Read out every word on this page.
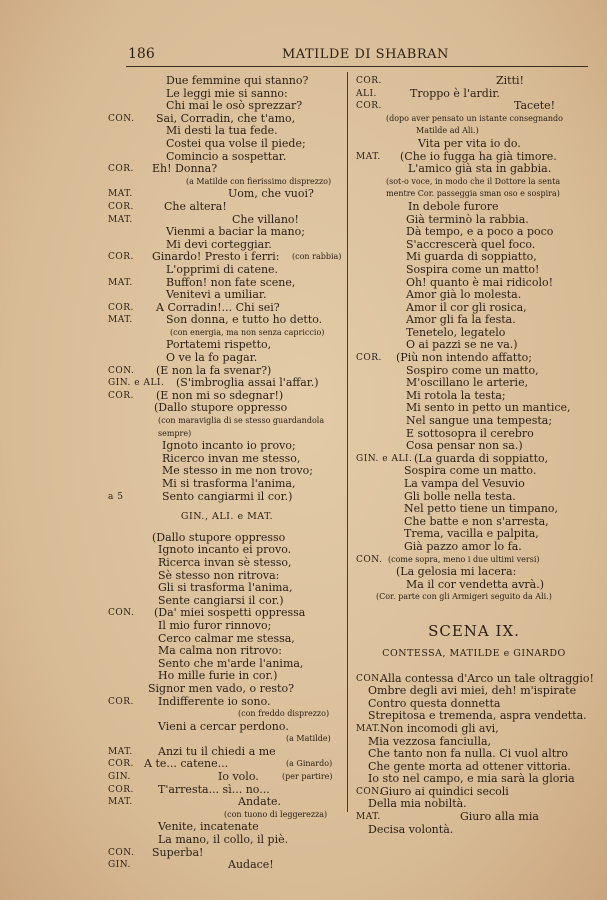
186	MATILDE DI SHABRAN
Due femmine qui stanno?
Le leggi mie si sanno:
Chi mai le osò sprezzar?
CON. Sai, Corradin, che t'amo,
Mi desti la tua fede.
Costei qua volse il piede;
Comincio a sospettar.
COR. Eh! Donna?
(a Matilde con fierissimo disprezzo)
MAT.	Uom, che vuoi?
COR.	Che altera!
MAT.	Che villano!
Vienmi a baciar la mano;
Mi devi corteggiar.
COR. Ginardo! Presto i ferri: (con rabbia)
L'opprimi di catene.
MAT.	Buffon! non fate scene,
Venitevi a umiliar.
COR. A Corradin!... Chi sei?
MAT.	Son donna, e tutto ho detto.
(con energia, ma non senza capriccio)
Portatemi rispetto,
O ve la fo pagar.
CON. (E non la fa svenar?)
GIN. e ALI. (S'imbroglia assai l'affar.)
COR. (E non mi so sdegnar!)
(Dallo stupore oppresso
(con maraviglia di se stesso guardandola
sempre)
Ignoto incanto io provo;
Ricerco invan me stesso,
Me stesso in me non trovo;
Mi si trasforma l'anima,
a 5	Sento cangiarmi il cor.)
GIN., ALI. e MAT.
(Dallo stupore oppresso
Ignoto incanto ei provo.
Ricerca invan sè stesso,
Sè stesso non ritrova:
Gli si trasforma l'anima,
Sente cangiarsi il cor.)
CON. (Da' miei sospetti oppressa
Il mio furor rinnovo;
Cerco calmar me stessa,
Ma calma non ritrovo:
Sento che m'arde l'anima,
Ho mille furie in cor.)
Signor men vado, o resto?
COR. Indifferente io sono.
(con freddo disprezzo)
Vieni a cercar perdono.
(a Matilde)
MAT. Anzi tu il chiedi a me
COR. A te... catene...	(a Ginardo)
GIN.	Io volo.	(per partire)
COR. T'arresta... sì... no...
MAT.	Andate.
(con tuono di leggerezza)
Venite, incatenate
La mano, il collo, il piè.
CON. Superba!
GIN.	Audace!
COR.	Zitti!
ALI.	Troppo è l'ardir.
COR.	Tacete!
(dopo aver pensato un istante consegnando
Matilde ad Ali.)
Vita per vita io do.
MAT. (Che io fugga ha già timore.
L'amico già sta in gabbia.
(sot-o voce, in modo che il Dottore la senta
mentre Cor. passeggia sman oso e sospira)
In debole furore
Già terminò la rabbia.
Dà tempo, e a poco a poco
S'accrescerà quel foco.
Mi guarda di soppiatto,
Sospira come un matto!
Oh! quanto è mai ridicolo!
Amor già lo molesta.
Amor il cor gli rosica,
Amor gli fa la festa.
Tenetelo, legatelo
O ai pazzi se ne va.)
COR. (Più non intendo affatto;
Sospiro come un matto,
M'oscillano le arterie,
Mi rotola la testa;
Mi sento in petto un mantice,
Nel sangue una tempesta;
E sottosopra il cerebro
Cosa pensar non sa.)
GIN. e ALI. (La guarda di soppiatto,
Sospira come un matto.
La vampa del Vesuvio
Gli bolle nella testa.
Nel petto tiene un timpano,
Che batte e non s'arresta,
Trema, vacilla e palpita,
Già pazzo amor lo fa.
CON. (come sopra, meno i due ultimi versi)
(La gelosia mi lacera:
Ma il cor vendetta avrà.)
(Cor. parte con gli Armigeri seguito da Ali.)
SCENA IX.
CONTESSA, MATILDE e GINARDO
CON.
Alla contessa d'Arco un tale oltraggio!
Ombre degli avi miei, deh! m'ispirate
Contro questa donnetta
Strepitosa e tremenda, aspra vendetta.
MAT. Non incomodi gli avi,
Mia vezzosa fanciulla,
Che tanto non fa nulla. Ci vuol altro
Che gente morta ad ottener vittoria.
Io sto nel campo, e mia sarà la gloria
CON.
Giuro ai quindici secoli
Della mia nobiltà.
MAT.	Giuro alla mia
Decisa volontà.
